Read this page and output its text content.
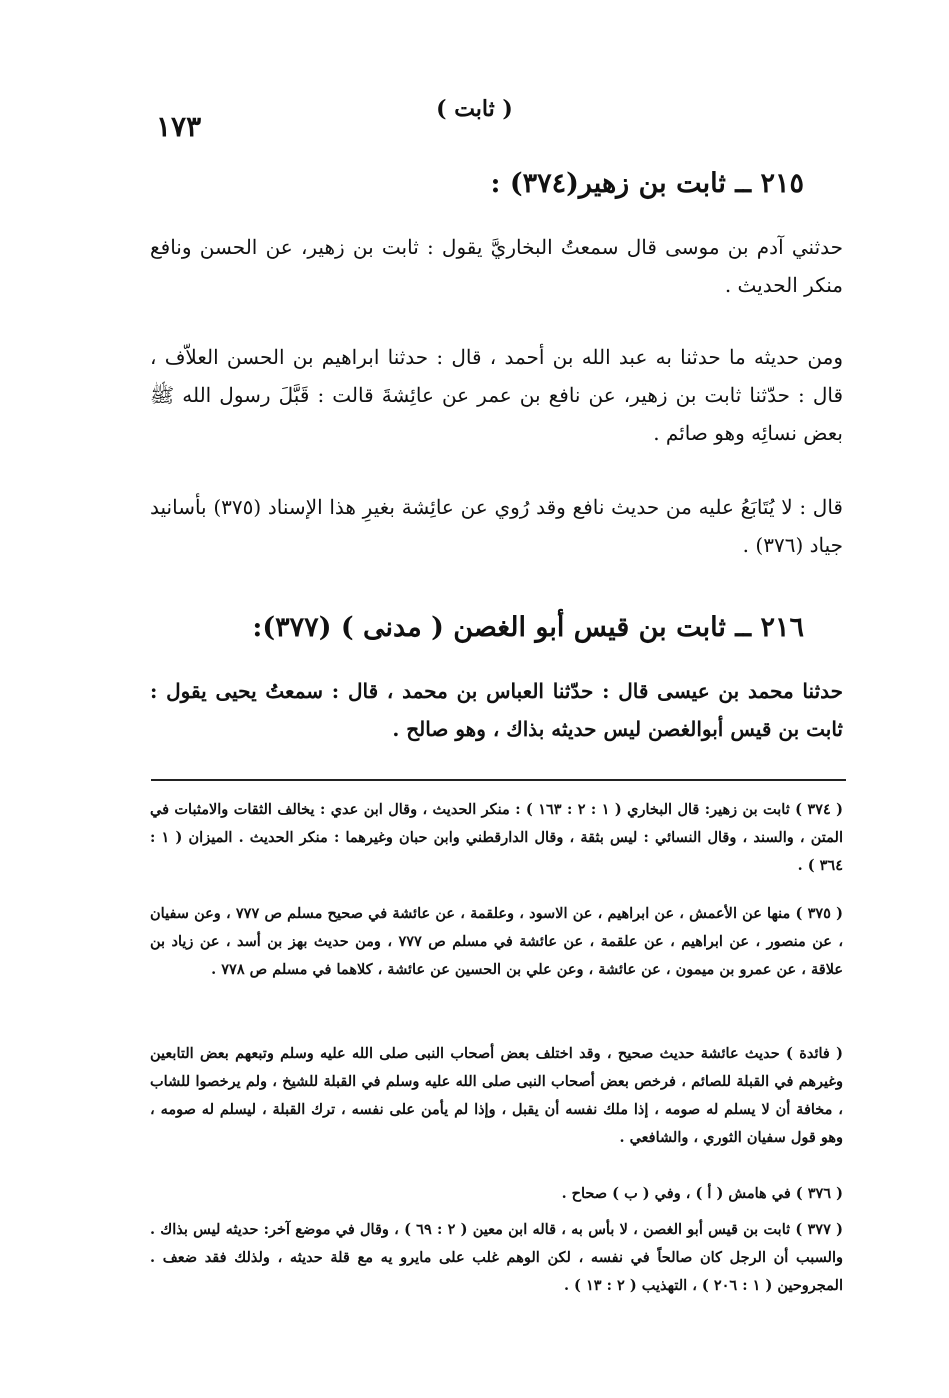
( ثابت )
١٧٣
٢١٥ ــ ثابت بن زهير(٣٧٤) :

حدثني آدم بن موسى قال سمعتُ البخاريَّ يقول : ثابت بن زهير، عن الحسن ونافع منكر الحديث .

ومن حديثه ما حدثنا به عبد الله بن أحمد ، قال : حدثنا ابراهيم بن الحسن العلاّف ، قال : حدّثنا ثابت بن زهير، عن نافع بن عمر عن عائِشةَ قالت : قَبَّلَ رسول الله ﷺ بعض نسائِه وهو صائم .

قال : لا يُتَابَعُ عليه من حديث نافع وقد رُوي عن عائِشة بغيرِ هذا الإسناد (٣٧٥) بأسانيد جياد (٣٧٦) .

٢١٦ ــ ثابت بن قيس أبو الغصن ( مدنى ) (٣٧٧):

حدثنا محمد بن عيسى قال : حدّثنا العباس بن محمد ، قال : سمعتُ يحيى يقول : ثابت بن قيس أبوالغصن ليس حديثه بذاك ، وهو صالح .

( ٣٧٤ ) ثابت بن زهير: قال البخاري ( ١ : ٢ : ١٦٣ ) : منكر الحديث ، وقال ابن عدي : يخالف الثقات والامثبات في المتن ، والسند ، وقال النسائي : ليس بثقة ، وقال الدارقطني وابن حبان وغيرهما : منكر الحديث . الميزان ( ١ : ٣٦٤ ) .

( ٣٧٥ ) منها عن الأعمش ، عن ابراهيم ، عن الاسود ، وعلقمة ، عن عائشة في صحيح مسلم ص ٧٧٧ ، وعن سفيان ، عن منصور ، عن ابراهيم ، عن علقمة ، عن عائشة في مسلم ص ٧٧٧ ، ومن حديث بهز بن أسد ، عن زياد بن علاقة ، عن عمرو بن ميمون ، عن عائشة ، وعن علي بن الحسين عن عائشة ، كلاهما في مسلم ص ٧٧٨ .

( فائدة ) حديث عائشة حديث صحيح ، وقد اختلف بعض أصحاب النبى صلى الله عليه وسلم وتبعهم بعض التابعين وغيرهم في القبلة للصائم ، فرخص بعض أصحاب النبى صلى الله عليه وسلم في القبلة للشيخ ، ولم يرخصوا للشاب ، مخافة أن لا يسلم له صومه ، إذا ملك نفسه أن يقبل ، وإذا لم يأمن على نفسه ، ترك القبلة ، ليسلم له صومه ، وهو قول سفيان الثوري ، والشافعي .

( ٣٧٦ ) في هامش ( أ ) ، وفي ( ب ) صحاح .

( ٣٧٧ ) ثابت بن قيس أبو الغصن ، لا بأس به ، قاله ابن معين ( ٢ : ٦٩ ) ، وقال في موضع آخر: حديثه ليس بذاك . والسبب أن الرجل كان صالحاً في نفسه ، لكن الوهم غلب على مايرو يه مع قلة حديثه ، ولذلك فقد ضعف . المجروحين ( ١ : ٢٠٦ ) ، التهذيب ( ٢ : ١٣ ) .
